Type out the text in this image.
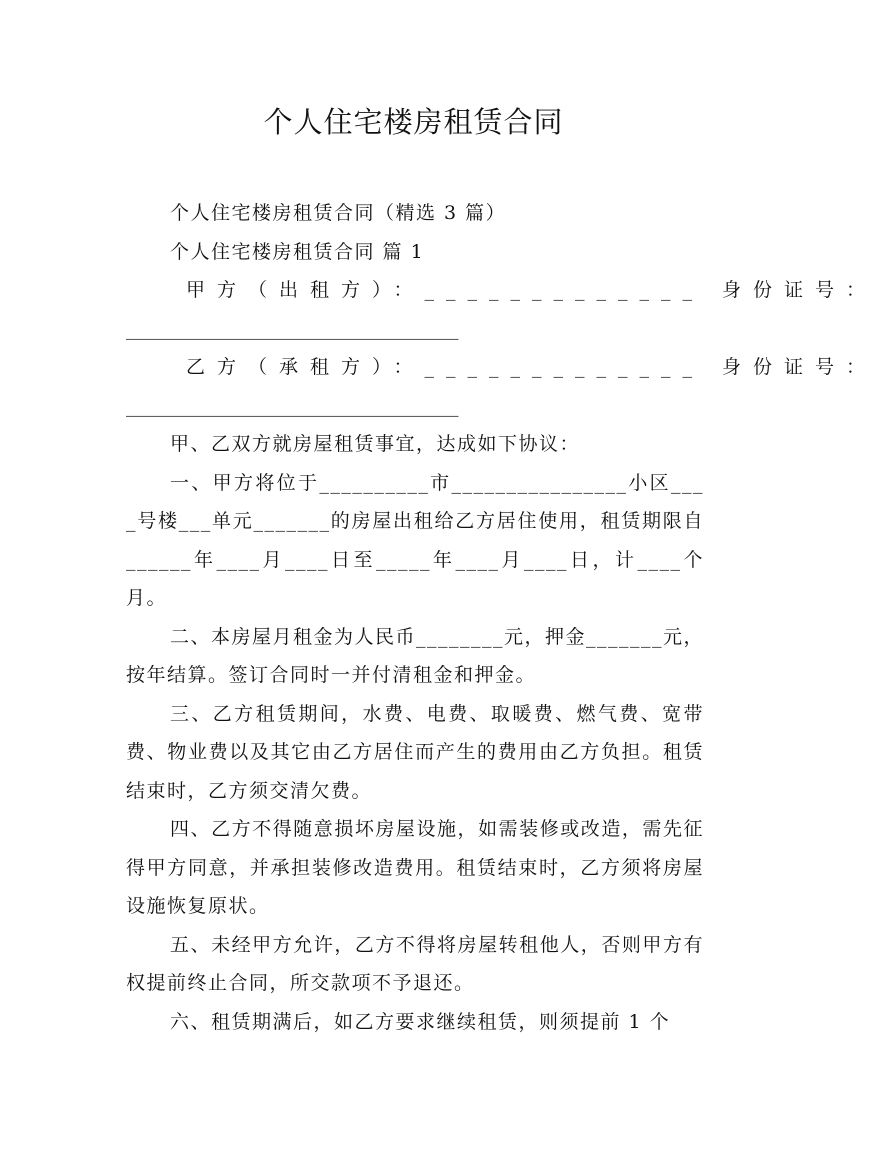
个人住宅楼房租赁合同

个人住宅楼房租赁合同（精选 3 篇）

个人住宅楼房租赁合同 篇 1

甲方（出租方）：_____________ 身份证号：

___________________________________

乙方（承租方）：_____________ 身份证号：

___________________________________

甲、乙双方就房屋租赁事宜，达成如下协议：

一、甲方将位于__________市________________小区____号楼___单元_______的房屋出租给乙方居住使用，租赁期限自______年____月____日至_____年____月____日，计____个月。

二、本房屋月租金为人民币________元，押金_______元，按年结算。签订合同时一并付清租金和押金。

三、乙方租赁期间，水费、电费、取暖费、燃气费、宽带费、物业费以及其它由乙方居住而产生的费用由乙方负担。租赁结束时，乙方须交清欠费。

四、乙方不得随意损坏房屋设施，如需装修或改造，需先征得甲方同意，并承担装修改造费用。租赁结束时，乙方须将房屋设施恢复原状。

五、未经甲方允许，乙方不得将房屋转租他人，否则甲方有权提前终止合同，所交款项不予退还。

六、租赁期满后，如乙方要求继续租赁，则须提前 1 个
